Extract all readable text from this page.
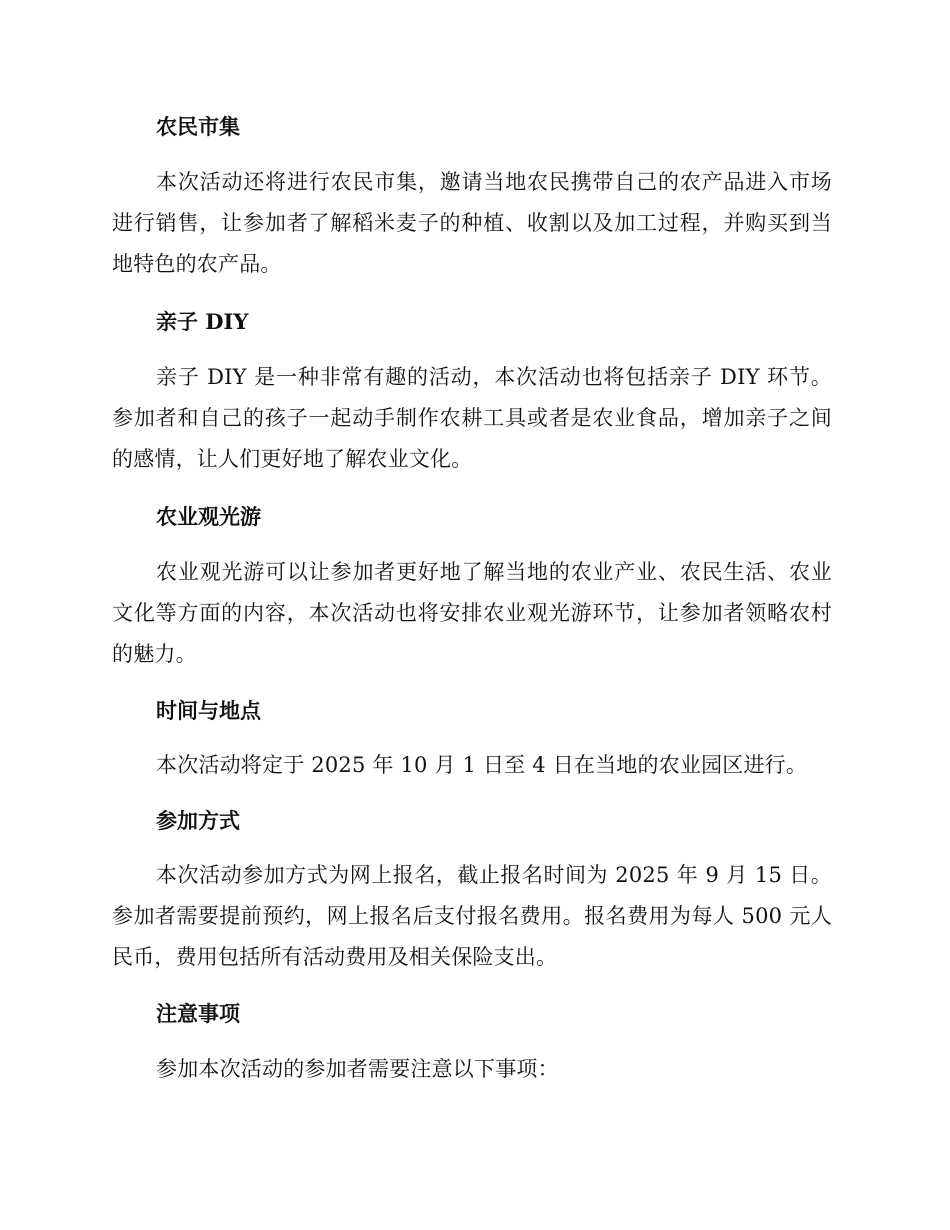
农民市集

本次活动还将进行农民市集，邀请当地农民携带自己的农产品进入市场进行销售，让参加者了解稻米麦子的种植、收割以及加工过程，并购买到当地特色的农产品。

亲子 DIY

亲子 DIY 是一种非常有趣的活动，本次活动也将包括亲子 DIY 环节。参加者和自己的孩子一起动手制作农耕工具或者是农业食品，增加亲子之间的感情，让人们更好地了解农业文化。

农业观光游

农业观光游可以让参加者更好地了解当地的农业产业、农民生活、农业文化等方面的内容，本次活动也将安排农业观光游环节，让参加者领略农村的魅力。

时间与地点

本次活动将定于 2025 年 10 月 1 日至 4 日在当地的农业园区进行。

参加方式

本次活动参加方式为网上报名，截止报名时间为 2025 年 9 月 15 日。参加者需要提前预约，网上报名后支付报名费用。报名费用为每人 500 元人民币，费用包括所有活动费用及相关保险支出。

注意事项

参加本次活动的参加者需要注意以下事项：
